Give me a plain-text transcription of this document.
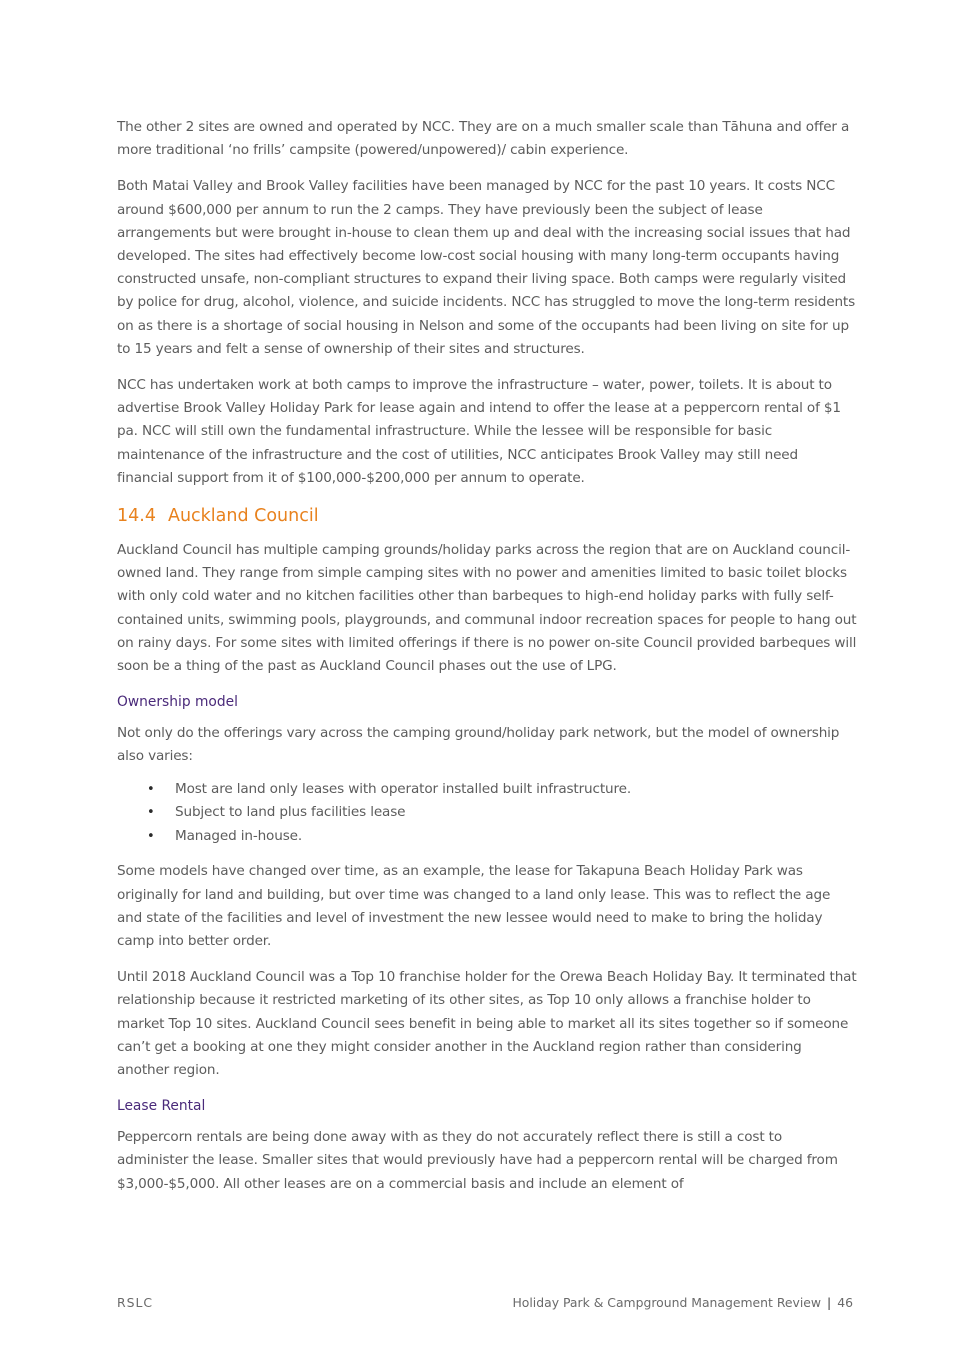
The other 2 sites are owned and operated by NCC. They are on a much smaller scale than Tāhuna and offer a more traditional ‘no frills’ campsite (powered/unpowered)/ cabin experience.

Both Matai Valley and Brook Valley facilities have been managed by NCC for the past 10 years. It costs NCC around $600,000 per annum to run the 2 camps. They have previously been the subject of lease arrangements but were brought in-house to clean them up and deal with the increasing social issues that had developed. The sites had effectively become low-cost social housing with many long-term occupants having constructed unsafe, non-compliant structures to expand their living space. Both camps were regularly visited by police for drug, alcohol, violence, and suicide incidents. NCC has struggled to move the long-term residents on as there is a shortage of social housing in Nelson and some of the occupants had been living on site for up to 15 years and felt a sense of ownership of their sites and structures.

NCC has undertaken work at both camps to improve the infrastructure – water, power, toilets. It is about to advertise Brook Valley Holiday Park for lease again and intend to offer the lease at a peppercorn rental of $1 pa. NCC will still own the fundamental infrastructure. While the lessee will be responsible for basic maintenance of the infrastructure and the cost of utilities, NCC anticipates Brook Valley may still need financial support from it of $100,000-$200,000 per annum to operate.

14.4 Auckland Council

Auckland Council has multiple camping grounds/holiday parks across the region that are on Auckland council-owned land. They range from simple camping sites with no power and amenities limited to basic toilet blocks with only cold water and no kitchen facilities other than barbeques to high-end holiday parks with fully self-contained units, swimming pools, playgrounds, and communal indoor recreation spaces for people to hang out on rainy days. For some sites with limited offerings if there is no power on-site Council provided barbeques will soon be a thing of the past as Auckland Council phases out the use of LPG.

Ownership model

Not only do the offerings vary across the camping ground/holiday park network, but the model of ownership also varies:

• Most are land only leases with operator installed built infrastructure.
• Subject to land plus facilities lease
• Managed in-house.

Some models have changed over time, as an example, the lease for Takapuna Beach Holiday Park was originally for land and building, but over time was changed to a land only lease. This was to reflect the age and state of the facilities and level of investment the new lessee would need to make to bring the holiday camp into better order.

Until 2018 Auckland Council was a Top 10 franchise holder for the Orewa Beach Holiday Bay. It terminated that relationship because it restricted marketing of its other sites, as Top 10 only allows a franchise holder to market Top 10 sites. Auckland Council sees benefit in being able to market all its sites together so if someone can’t get a booking at one they might consider another in the Auckland region rather than considering another region.

Lease Rental

Peppercorn rentals are being done away with as they do not accurately reflect there is still a cost to administer the lease. Smaller sites that would previously have had a peppercorn rental will be charged from $3,000-$5,000. All other leases are on a commercial basis and include an element of

RSLC	Holiday Park & Campground Management Review | 46
